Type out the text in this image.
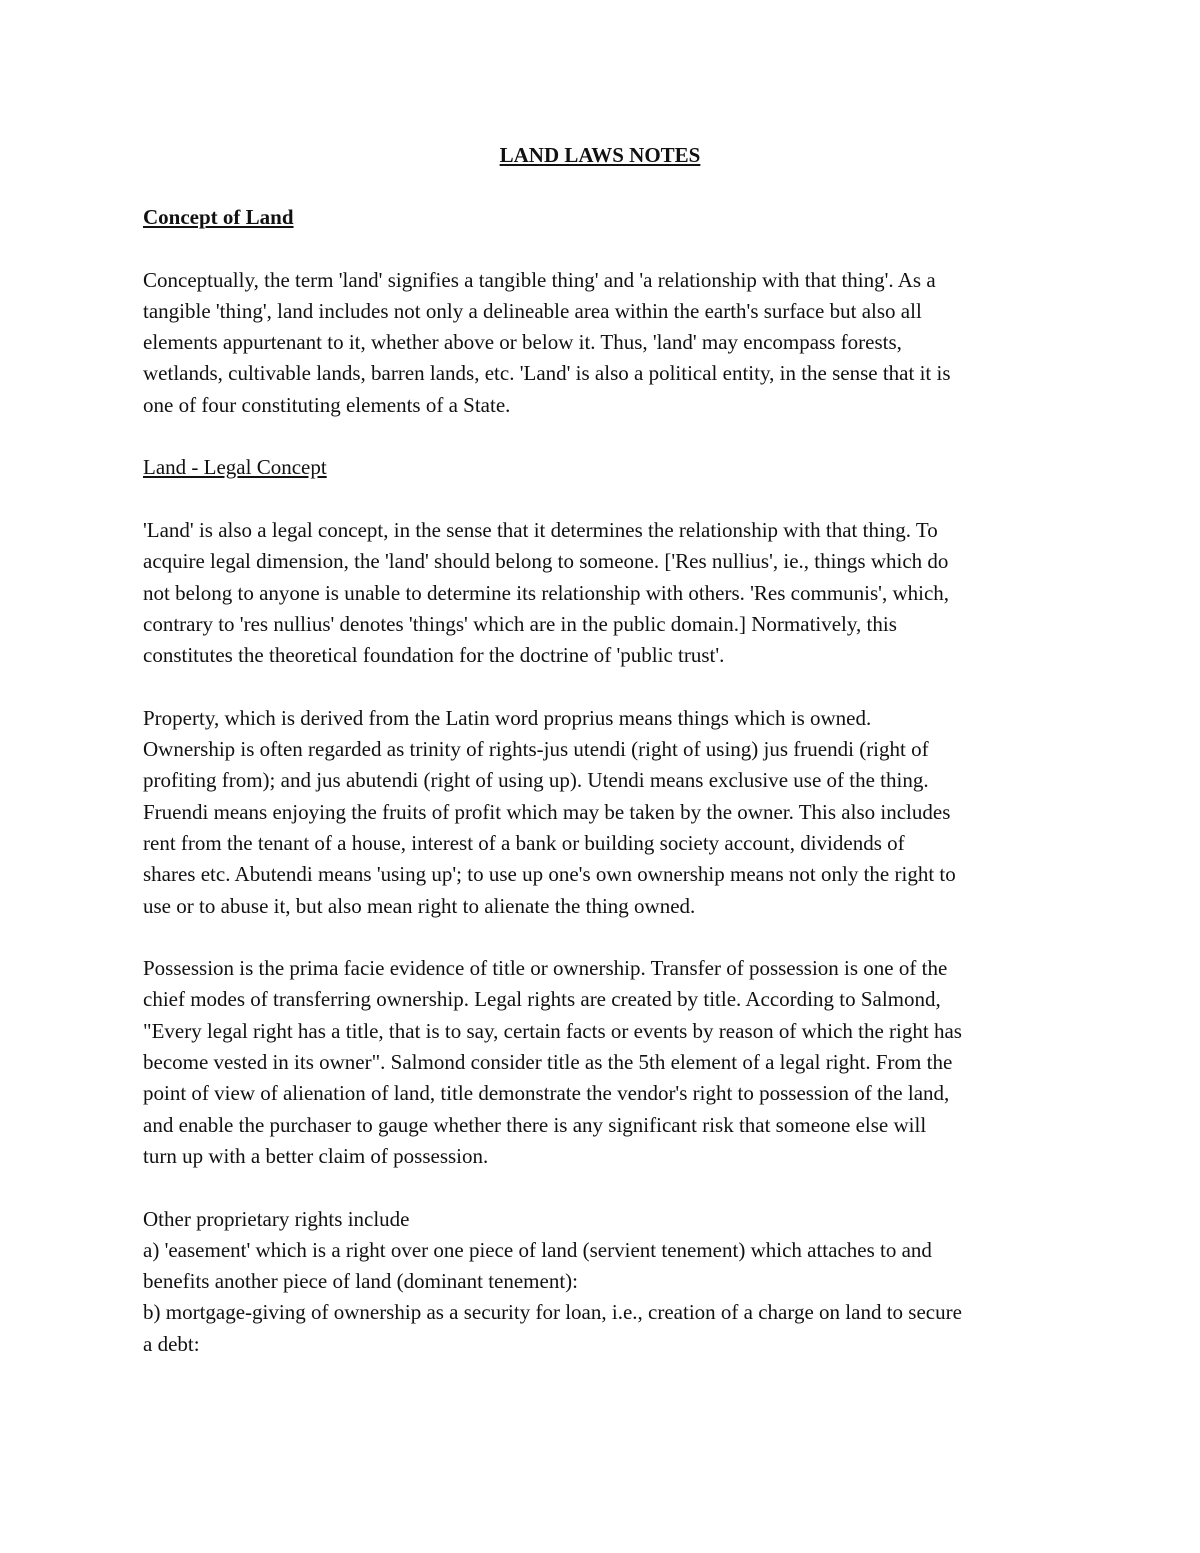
LAND LAWS NOTES

Concept of Land

Conceptually, the term 'land' signifies a tangible thing' and 'a relationship with that thing'. As a
tangible 'thing', land includes not only a delineable area within the earth's surface but also all
elements appurtenant to it, whether above or below it. Thus, 'land' may encompass forests,
wetlands, cultivable lands, barren lands, etc. 'Land' is also a political entity, in the sense that it is
one of four constituting elements of a State.

Land - Legal Concept

'Land' is also a legal concept, in the sense that it determines the relationship with that thing. To
acquire legal dimension, the 'land' should belong to someone. ['Res nullius', ie., things which do
not belong to anyone is unable to determine its relationship with others. 'Res communis', which,
contrary to 'res nullius' denotes 'things' which are in the public domain.] Normatively, this
constitutes the theoretical foundation for the doctrine of 'public trust'.

Property, which is derived from the Latin word proprius means things which is owned.
Ownership is often regarded as trinity of rights-jus utendi (right of using) jus fruendi (right of
profiting from); and jus abutendi (right of using up). Utendi means exclusive use of the thing.
Fruendi means enjoying the fruits of profit which may be taken by the owner. This also includes
rent from the tenant of a house, interest of a bank or building society account, dividends of
shares etc. Abutendi means 'using up'; to use up one's own ownership means not only the right to
use or to abuse it, but also mean right to alienate the thing owned.

Possession is the prima facie evidence of title or ownership. Transfer of possession is one of the
chief modes of transferring ownership. Legal rights are created by title. According to Salmond,
"Every legal right has a title, that is to say, certain facts or events by reason of which the right has
become vested in its owner". Salmond consider title as the 5th element of a legal right. From the
point of view of alienation of land, title demonstrate the vendor's right to possession of the land,
and enable the purchaser to gauge whether there is any significant risk that someone else will
turn up with a better claim of possession.

Other proprietary rights include
a) 'easement' which is a right over one piece of land (servient tenement) which attaches to and
benefits another piece of land (dominant tenement):
b) mortgage-giving of ownership as a security for loan, i.e., creation of a charge on land to secure
a debt:
